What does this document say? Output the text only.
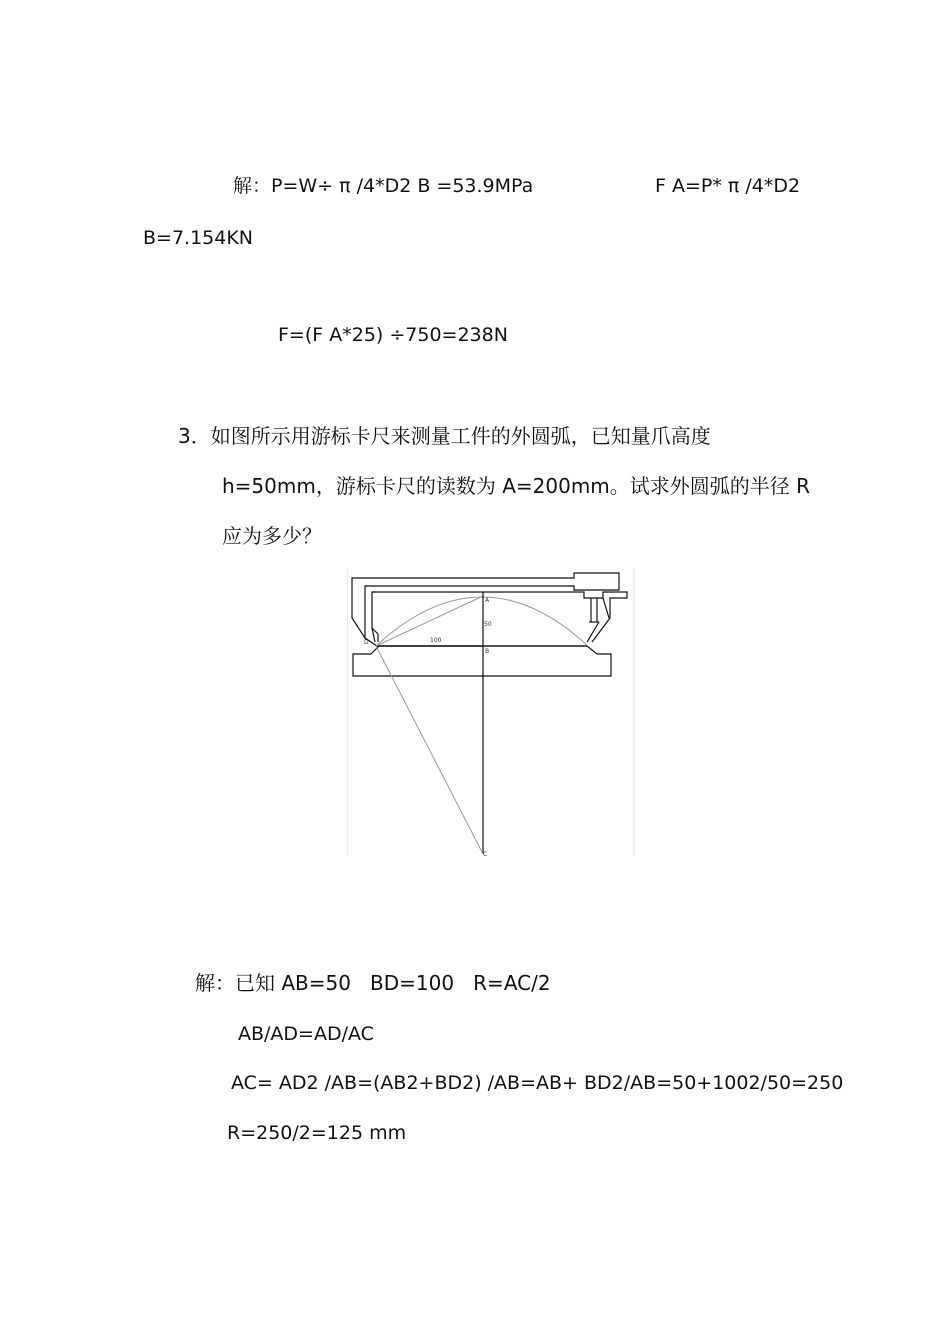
解：P=W÷ π /4*D2 B =53.9MPa	F A=P* π /4*D2
B=7.154KN
F=(F A*25) ÷750=238N
3．如图所示用游标卡尺来测量工件的外圆弧，已知量爪高度
h=50mm，游标卡尺的读数为 A=200mm。试求外圆弧的半径 R
应为多少？
A
50
100
D
B
C
解：已知 AB=50   BD=100   R=AC/2
AB/AD=AD/AC
AC= AD2 /AB=(AB2+BD2) /AB=AB+ BD2/AB=50+1002/50=250
R=250/2=125 mm
